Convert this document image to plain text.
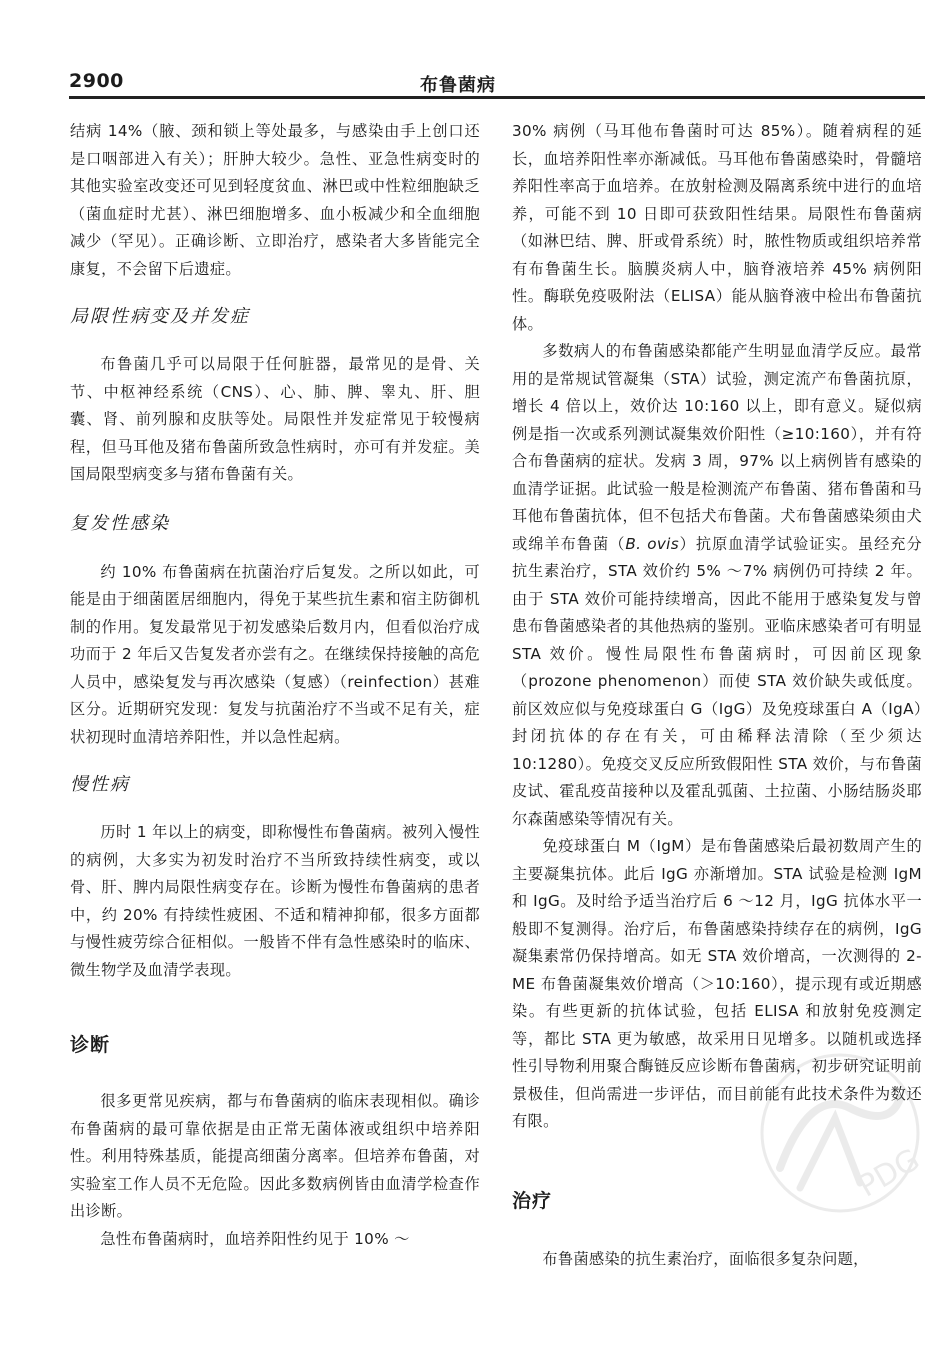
2900	布鲁菌病

结病 14%（腋、颈和锁上等处最多，与感染由手上创口还是口咽部进入有关）；肝肿大较少。急性、亚急性病变时的其他实验室改变还可见到轻度贫血、淋巴或中性粒细胞缺乏（菌血症时尤甚）、淋巴细胞增多、血小板减少和全血细胞减少（罕见）。正确诊断、立即治疗，感染者大多皆能完全康复，不会留下后遗症。

局限性病变及并发症

布鲁菌几乎可以局限于任何脏器，最常见的是骨、关节、中枢神经系统（CNS）、心、肺、脾、睾丸、肝、胆囊、肾、前列腺和皮肤等处。局限性并发症常见于较慢病程，但马耳他及猪布鲁菌所致急性病时，亦可有并发症。美国局限型病变多与猪布鲁菌有关。

复发性感染

约 10% 布鲁菌病在抗菌治疗后复发。之所以如此，可能是由于细菌匿居细胞内，得免于某些抗生素和宿主防御机制的作用。复发最常见于初发感染后数月内，但看似治疗成功而于 2 年后又告复发者亦尝有之。在继续保持接触的高危人员中，感染复发与再次感染（复感）（reinfection）甚难区分。近期研究发现：复发与抗菌治疗不当或不足有关，症状初现时血清培养阳性，并以急性起病。

慢性病

历时 1 年以上的病变，即称慢性布鲁菌病。被列入慢性的病例，大多实为初发时治疗不当所致持续性病变，或以骨、肝、脾内局限性病变存在。诊断为慢性布鲁菌病的患者中，约 20% 有持续性疲困、不适和精神抑郁，很多方面都与慢性疲劳综合征相似。一般皆不伴有急性感染时的临床、微生物学及血清学表现。

诊断

很多更常见疾病，都与布鲁菌病的临床表现相似。确诊布鲁菌病的最可靠依据是由正常无菌体液或组织中培养阳性。利用特殊基质，能提高细菌分离率。但培养布鲁菌，对实验室工作人员不无危险。因此多数病例皆由血清学检查作出诊断。

急性布鲁菌病时，血培养阳性约见于 10% ～

30% 病例（马耳他布鲁菌时可达 85%）。随着病程的延长，血培养阳性率亦渐减低。马耳他布鲁菌感染时，骨髓培养阳性率高于血培养。在放射检测及隔离系统中进行的血培养，可能不到 10 日即可获致阳性结果。局限性布鲁菌病（如淋巴结、脾、肝或骨系统）时，脓性物质或组织培养常有布鲁菌生长。脑膜炎病人中，脑脊液培养 45% 病例阳性。酶联免疫吸附法（ELISA）能从脑脊液中检出布鲁菌抗体。

多数病人的布鲁菌感染都能产生明显血清学反应。最常用的是常规试管凝集（STA）试验，测定流产布鲁菌抗原，增长 4 倍以上，效价达 10:160 以上，即有意义。疑似病例是指一次或系列测试凝集效价阳性（≥10:160），并有符合布鲁菌病的症状。发病 3 周，97% 以上病例皆有感染的血清学证据。此试验一般是检测流产布鲁菌、猪布鲁菌和马耳他布鲁菌抗体，但不包括犬布鲁菌。犬布鲁菌感染须由犬或绵羊布鲁菌（B. ovis）抗原血清学试验证实。虽经充分抗生素治疗，STA 效价约 5% ～7% 病例仍可持续 2 年。由于 STA 效价可能持续增高，因此不能用于感染复发与曾患布鲁菌感染者的其他热病的鉴别。亚临床感染者可有明显 STA 效价。慢性局限性布鲁菌病时，可因前区现象（prozone phenomenon）而使 STA 效价缺失或低度。前区效应似与免疫球蛋白 G（IgG）及免疫球蛋白 A（IgA）封闭抗体的存在有关，可由稀释法清除（至少须达 10:1280）。免疫交叉反应所致假阳性 STA 效价，与布鲁菌皮试、霍乱疫苗接种以及霍乱弧菌、土拉菌、小肠结肠炎耶尔森菌感染等情况有关。

免疫球蛋白 M（IgM）是布鲁菌感染后最初数周产生的主要凝集抗体。此后 IgG 亦渐增加。STA 试验是检测 IgM 和 IgG。及时给予适当治疗后 6 ～12 月，IgG 抗体水平一般即不复测得。治疗后，布鲁菌感染持续存在的病例，IgG 凝集素常仍保持增高。如无 STA 效价增高，一次测得的 2-ME 布鲁菌凝集效价增高（＞10:160），提示现有或近期感染。有些更新的抗体试验，包括 ELISA 和放射免疫测定等，都比 STA 更为敏感，故采用日见增多。以随机或选择性引导物利用聚合酶链反应诊断布鲁菌病，初步研究证明前景极佳，但尚需进一步评估，而目前能有此技术条件为数还有限。

治疗

布鲁菌感染的抗生素治疗，面临很多复杂问题，

PDG
